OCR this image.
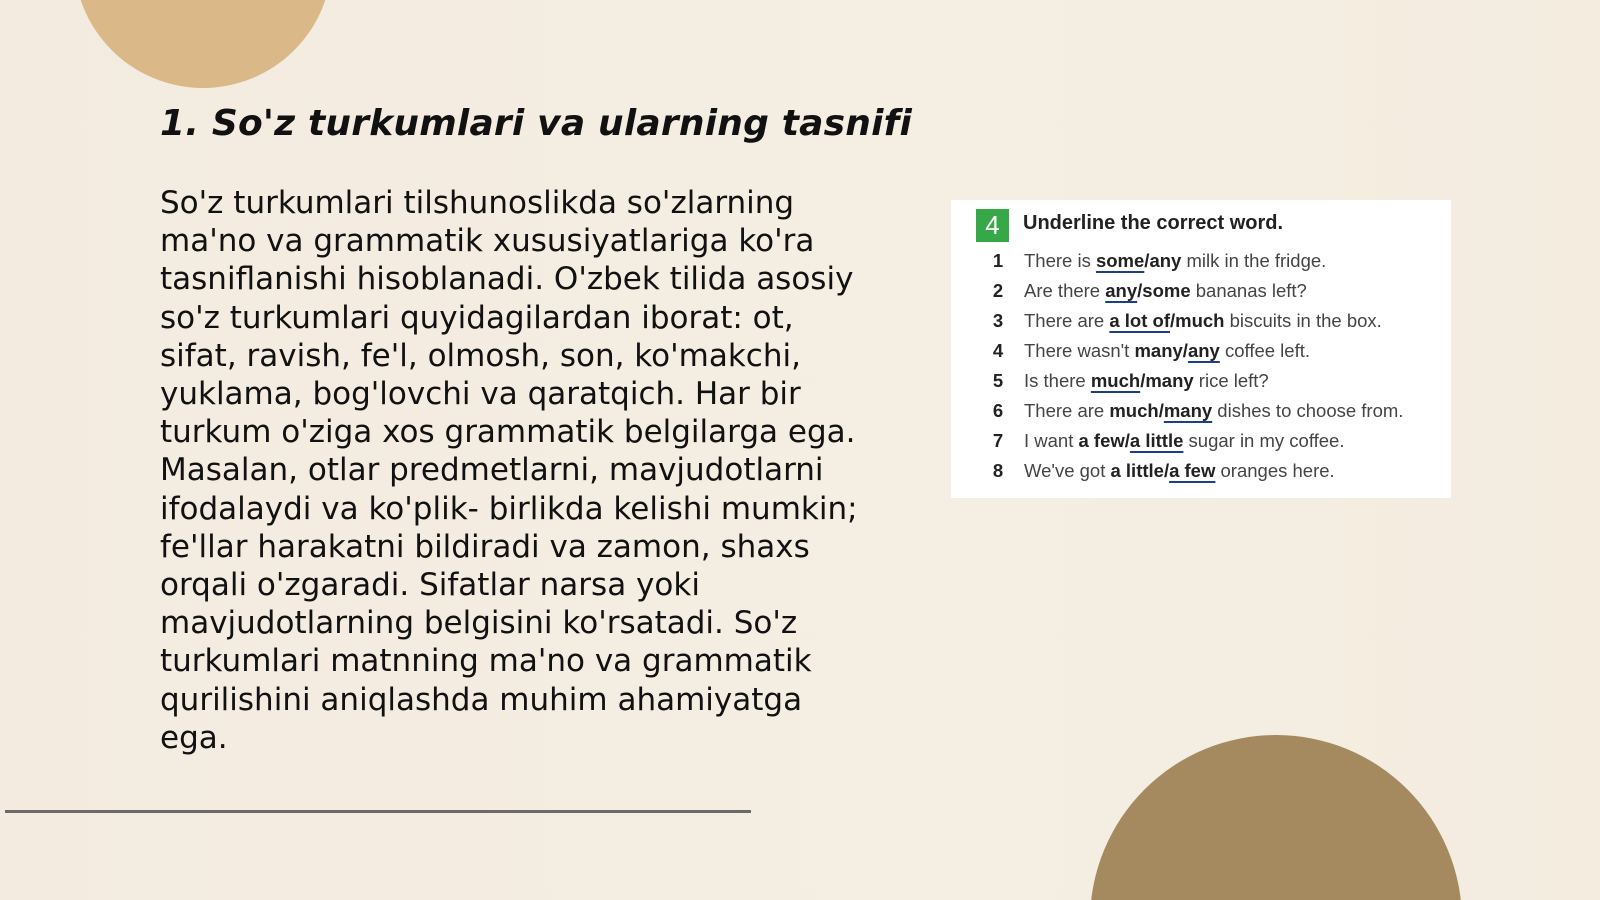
1. So'z turkumlari va ularning tasnifi

So'z turkumlari tilshunoslikda so'zlarning ma'no va grammatik xususiyatlariga ko'ra tasniflanishi hisoblanadi. O'zbek tilida asosiy so'z turkumlari quyidagilardan iborat: ot, sifat, ravish, fe'l, olmosh, son, ko'makchi, yuklama, bog'lovchi va qaratqich. Har bir turkum o'ziga xos grammatik belgilarga ega. Masalan, otlar predmetlarni, mavjudotlarni ifodalaydi va ko'plik- birlikda kelishi mumkin; fe'llar harakatni bildiradi va zamon, shaxs orqali o'zgaradi. Sifatlar narsa yoki mavjudotlarning belgisini ko'rsatadi. So'z turkumlari matnning ma'no va grammatik qurilishini aniqlashda muhim ahamiyatga ega.

4	Underline the correct word.
1 There is some/any milk in the fridge.
2 Are there any/some bananas left?
3 There are a lot of/much biscuits in the box.
4 There wasn't many/any coffee left.
5 Is there much/many rice left?
6 There are much/many dishes to choose from.
7 I want a few/a little sugar in my coffee.
8 We've got a little/a few oranges here.
